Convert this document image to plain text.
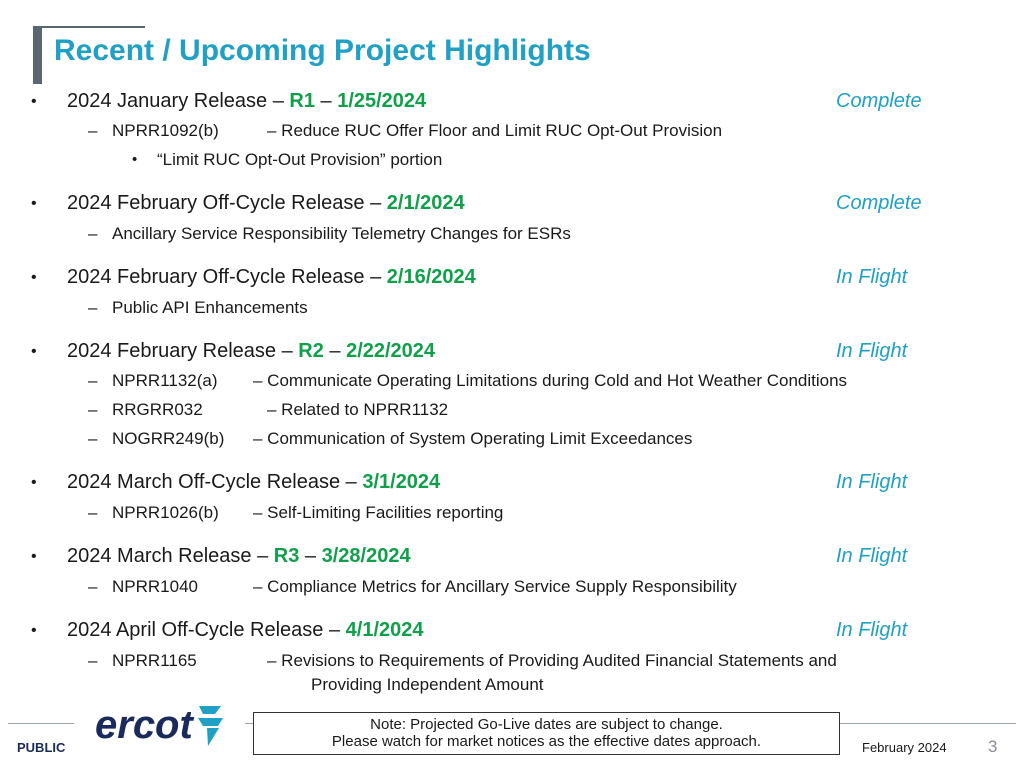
Recent / Upcoming Project Highlights
• 2024 January Release – R1 – 1/25/2024	Complete
– NPRR1092(b)	– Reduce RUC Offer Floor and Limit RUC Opt-Out Provision
• “Limit RUC Opt-Out Provision” portion
• 2024 February Off-Cycle Release – 2/1/2024	Complete
– Ancillary Service Responsibility Telemetry Changes for ESRs
• 2024 February Off-Cycle Release – 2/16/2024	In Flight
– Public API Enhancements
• 2024 February Release – R2 – 2/22/2024	In Flight
– NPRR1132(a) – Communicate Operating Limitations during Cold and Hot Weather Conditions
– RRGRR032	– Related to NPRR1132
– NOGRR249(b) – Communication of System Operating Limit Exceedances
• 2024 March Off-Cycle Release – 3/1/2024	In Flight
– NPRR1026(b) – Self-Limiting Facilities reporting
• 2024 March Release – R3 – 3/28/2024	In Flight
– NPRR1040	– Compliance Metrics for Ancillary Service Supply Responsibility
• 2024 April Off-Cycle Release – 4/1/2024	In Flight
– NPRR1165	– Revisions to Requirements of Providing Audited Financial Statements and
Providing Independent Amount
ercot	Note: Projected Go-Live dates are subject to change.
Please watch for market notices as the effective dates approach.
PUBLIC	February 2024 3
